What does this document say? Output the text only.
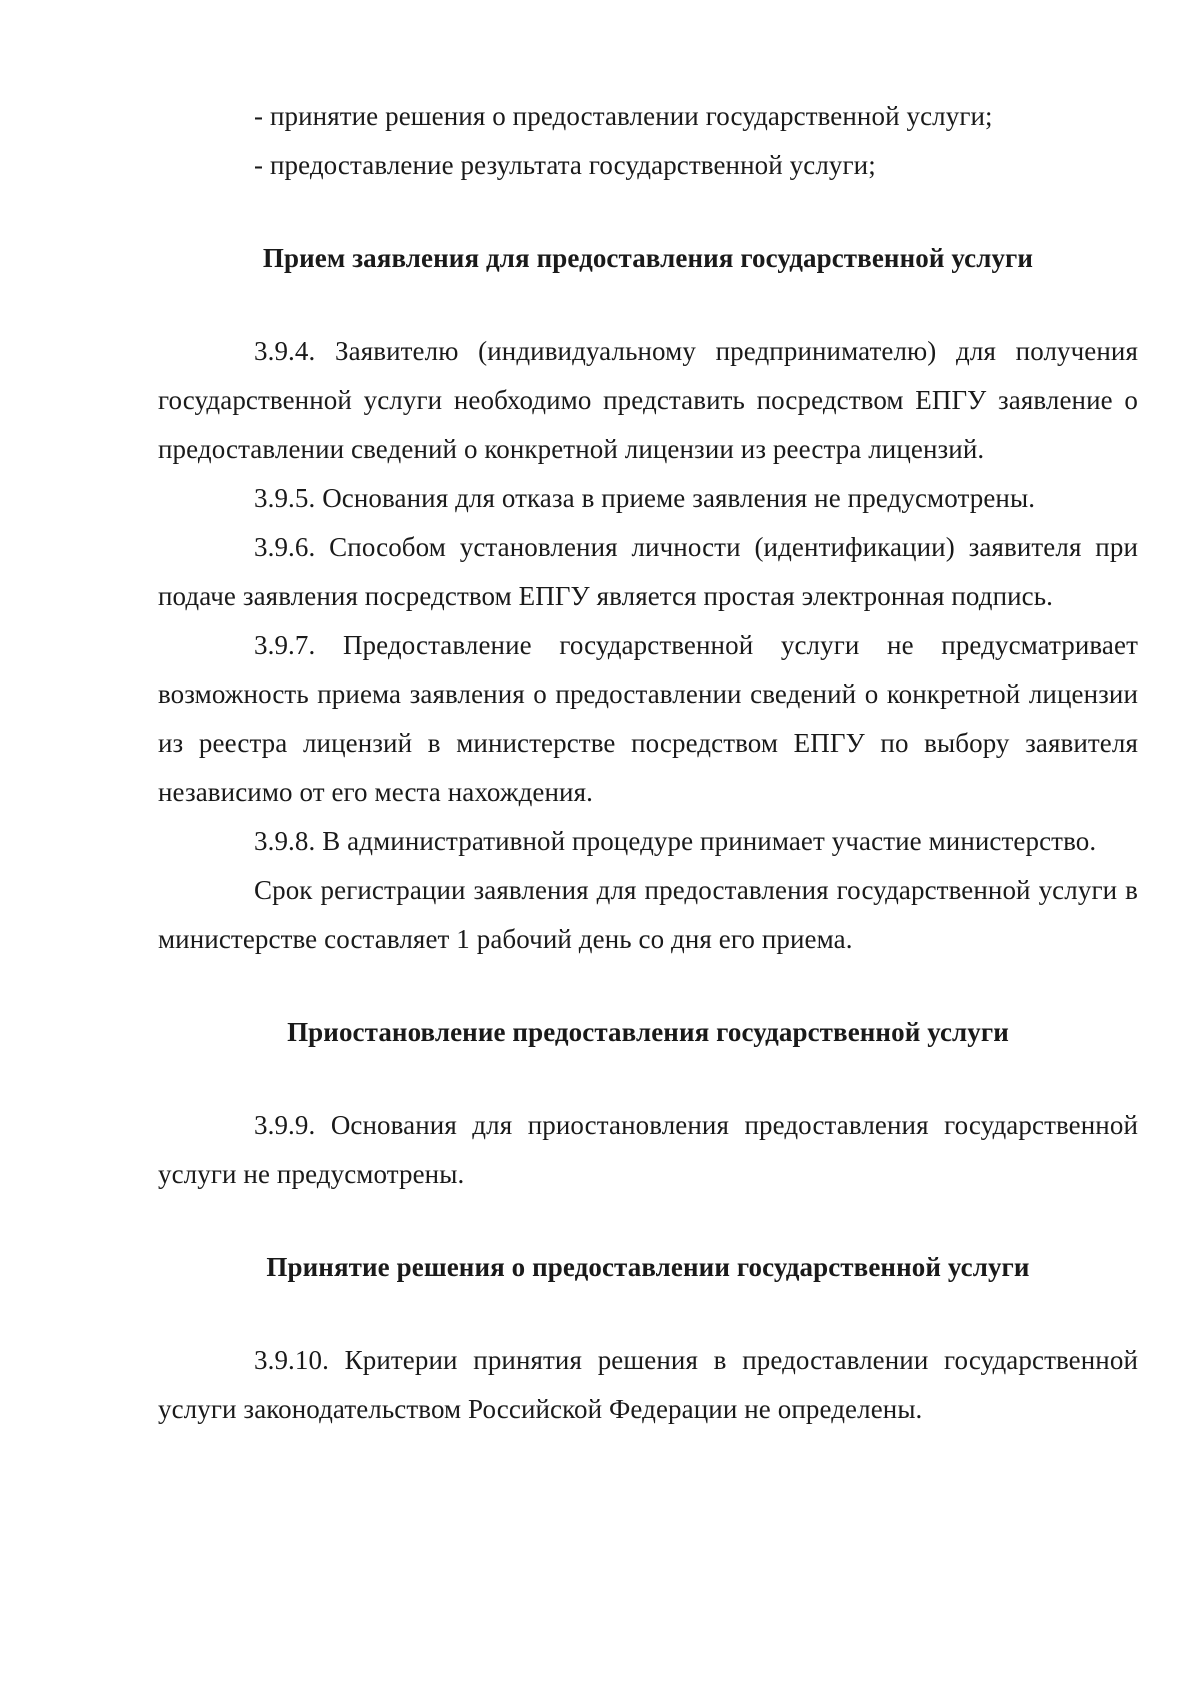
- принятие решения о предоставлении государственной услуги;

- предоставление результата государственной услуги;

Прием заявления для предоставления государственной услуги

3.9.4. Заявителю (индивидуальному предпринимателю) для получения государственной услуги необходимо представить посредством ЕПГУ заявление о предоставлении сведений о конкретной лицензии из реестра лицензий.

3.9.5. Основания для отказа в приеме заявления не предусмотрены.

3.9.6. Способом установления личности (идентификации) заявителя при подаче заявления посредством ЕПГУ является простая электронная подпись.

3.9.7. Предоставление государственной услуги не предусматривает возможность приема заявления о предоставлении сведений о конкретной лицензии из реестра лицензий в министерстве посредством ЕПГУ по выбору заявителя независимо от его места нахождения.

3.9.8. В административной процедуре принимает участие министерство.

Срок регистрации заявления для предоставления государственной услуги в министерстве составляет 1 рабочий день со дня его приема.

Приостановление предоставления государственной услуги

3.9.9. Основания для приостановления предоставления государственной услуги не предусмотрены.

Принятие решения о предоставлении государственной услуги

3.9.10. Критерии принятия решения в предоставлении государственной услуги законодательством Российской Федерации не определены.
